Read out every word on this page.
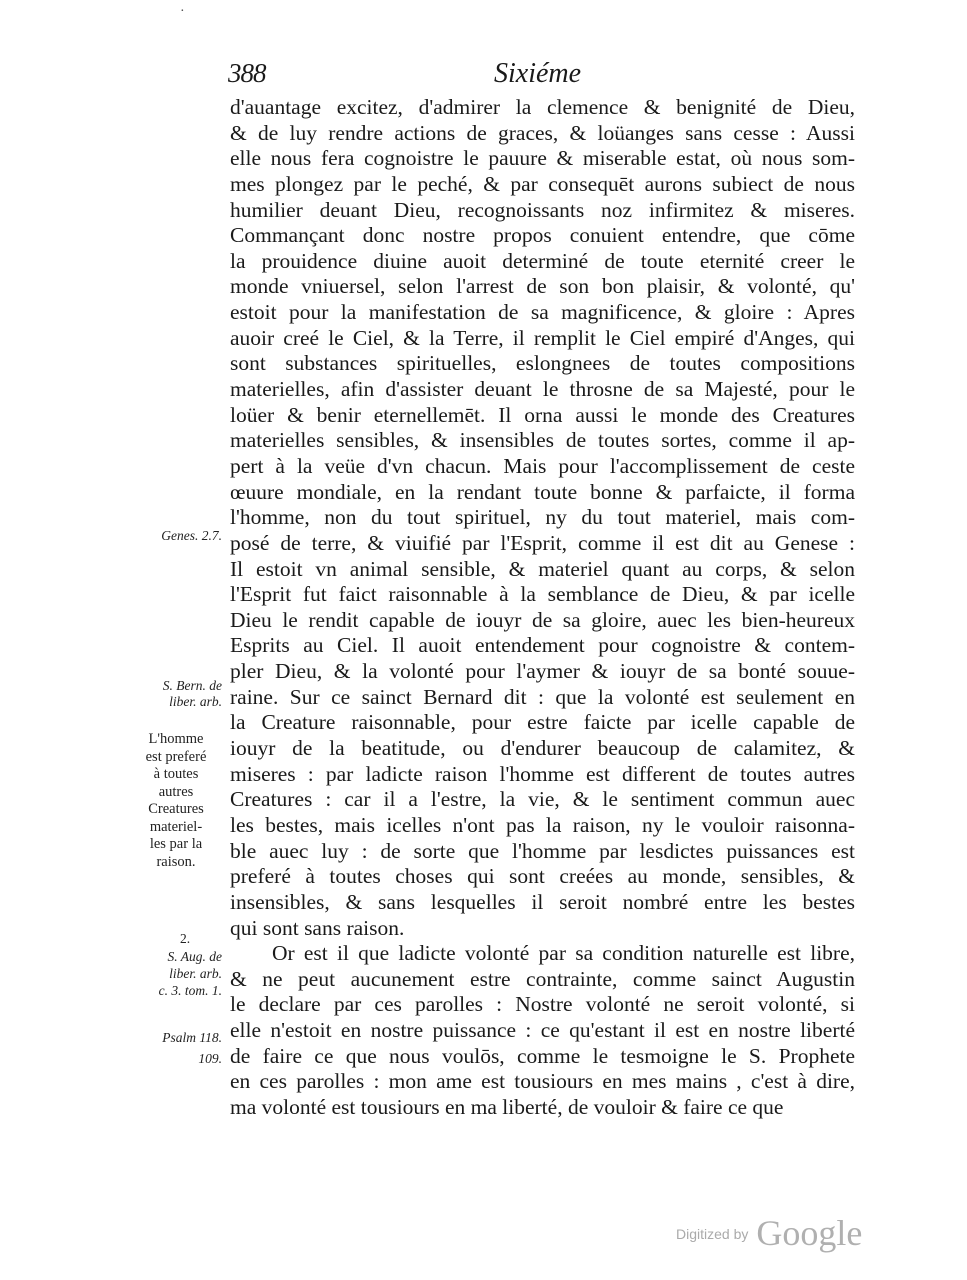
·
388	Sixiéme
d'auantage excitez, d'admirer la clemence & benignité de Dieu,
& de luy rendre actions de graces, & loüanges sans cesse : Aussi
elle nous fera cognoistre le pauure & miserable estat, où nous som-
mes plongez par le peché, & par consequēt aurons subiect de nous
humilier deuant Dieu, recognoissants noz infirmitez & miseres.
Commançant donc nostre propos conuient entendre, que cōme
la prouidence diuine auoit determiné de toute eternité creer le
monde vniuersel, selon l'arrest de son bon plaisir, & volonté, qu'
estoit pour la manifestation de sa magnificence, & gloire : Apres
auoir creé le Ciel, & la Terre, il remplit le Ciel empiré d'Anges, qui
sont substances spirituelles, eslongnees de toutes compositions
materielles, afin d'assister deuant le throsne de sa Majesté, pour le
loüer & benir eternellemēt. Il orna aussi le monde des Creatures
materielles sensibles, & insensibles de toutes sortes, comme il ap-
pert à la veüe d'vn chacun. Mais pour l'accomplissement de ceste
œuure mondiale, en la rendant toute bonne & parfaicte, il forma
l'homme, non du tout spirituel, ny du tout materiel, mais com-
posé de terre, & viuifié par l'Esprit, comme il est dit au Genese :
Il estoit vn animal sensible, & materiel quant au corps, & selon
l'Esprit fut faict raisonnable à la semblance de Dieu, & par icelle
Dieu le rendit capable de iouyr de sa gloire, auec les bien-heureux
Esprits au Ciel. Il auoit entendement pour cognoistre & contem-
pler Dieu, & la volonté pour l'aymer & iouyr de sa bonté souue-
raine. Sur ce sainct Bernard dit : que la volonté est seulement en
la Creature raisonnable, pour estre faicte par icelle capable de
iouyr de la beatitude, ou d'endurer beaucoup de calamitez, &
miseres : par ladicte raison l'homme est different de toutes autres
Creatures : car il a l'estre, la vie, & le sentiment commun auec
les bestes, mais icelles n'ont pas la raison, ny le vouloir raisonna-
ble auec luy : de sorte que l'homme par lesdictes puissances est
preferé à toutes choses qui sont creées au monde, sensibles, &
insensibles, & sans lesquelles il seroit nombré entre les bestes
qui sont sans raison.
Or est il que ladicte volonté par sa condition naturelle est libre,
& ne peut aucunement estre contrainte, comme sainct Augustin
le declare par ces parolles : Nostre volonté ne seroit volonté, si
elle n'estoit en nostre puissance : ce qu'estant il est en nostre liberté
de faire ce que nous voulōs, comme le tesmoigne le S. Prophete
en ces parolles : mon ame est tousiours en mes mains , c'est à dire,
ma volonté est tousiours en ma liberté, de vouloir & faire ce que
Genes. 2.7.
S. Bern. de
liber. arb.
L'homme
est preferé
à toutes
autres
Creatures
materiel-
les par la
raison.
2.
S. Aug. de
liber. arb.
c. 3. tom. 1.
Psalm 118.
109.
Digitized by Google
